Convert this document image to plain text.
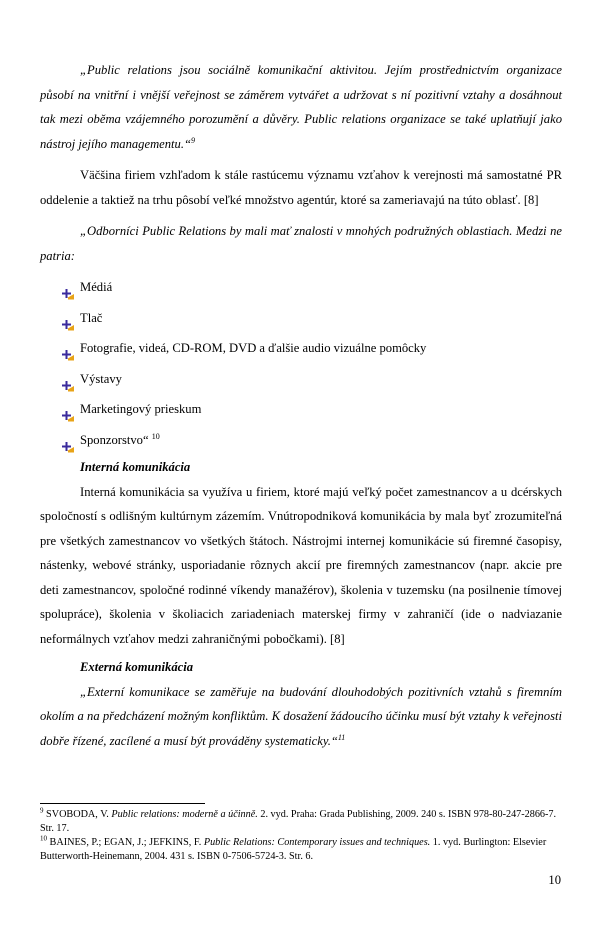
„Public relations jsou sociálně komunikační aktivitou. Jejím prostřednictvím organizace působí na vnitřní i vnější veřejnost se záměrem vytvářet a udržovat s ní pozitivní vztahy a dosáhnout tak mezi oběma vzájemného porozumění a důvěry. Public relations organizace se také uplatňují jako nástroj jejího managementu.“$^9$

Väčšina firiem vzhľadom k stále rastúcemu významu vzťahov k verejnosti má samostatné PR oddelenie a taktiež na trhu pôsobí veľké množstvo agentúr, ktoré sa zameriavajú na túto oblasť. [8]

„Odborníci Public Relations by mali mať znalosti v mnohých podružných oblastiach. Medzi ne patria:

Médiá
Tlač
Fotografie, videá, CD-ROM, DVD a ďalšie audio vizuálne pomôcky
Výstavy
Marketingový prieskum
Sponzorstvo“ $^{10}$
Interná komunikácia

Interná komunikácia sa využíva u firiem, ktoré majú veľký počet zamestnancov a u dcérskych spoločností s odlišným kultúrnym zázemím. Vnútropodniková komunikácia by mala byť zrozumiteľná pre všetkých zamestnancov vo všetkých štátoch. Nástrojmi internej komunikácie sú firemné časopisy, nástenky, webové stránky, usporiadanie rôznych akcií pre firemných zamestnancov (napr. akcie pre deti zamestnancov, spoločné rodinné víkendy manažérov), školenia v tuzemsku (na posilnenie tímovej spolupráce), školenia v školiacich zariadeniach materskej firmy v zahraničí (ide o nadviazanie neformálnych vzťahov medzi zahraničnými pobočkami). [8]

Externá komunikácia

„Externí komunikace se zaměřuje na budování dlouhodobých pozitivních vztahů s firemním okolím a na předcházení možným konfliktům. K dosažení žádoucího účinku musí být vztahy k veřejnosti dobře řízené, zacílené a musí být prováděny systematicky.“$^{11}$

$^9$ SVOBODA, V. Public relations: moderně a účinně. 2. vyd. Praha: Grada Publishing, 2009. 240 s. ISBN 978-80-247-2866-7. Str. 17.

$^{10}$ BAINES, P.; EGAN, J.; JEFKINS, F. Public Relations: Contemporary issues and techniques. 1. vyd. Burlington: Elsevier Butterworth-Heinemann, 2004. 431 s. ISBN 0-7506-5724-3. Str. 6.

10
